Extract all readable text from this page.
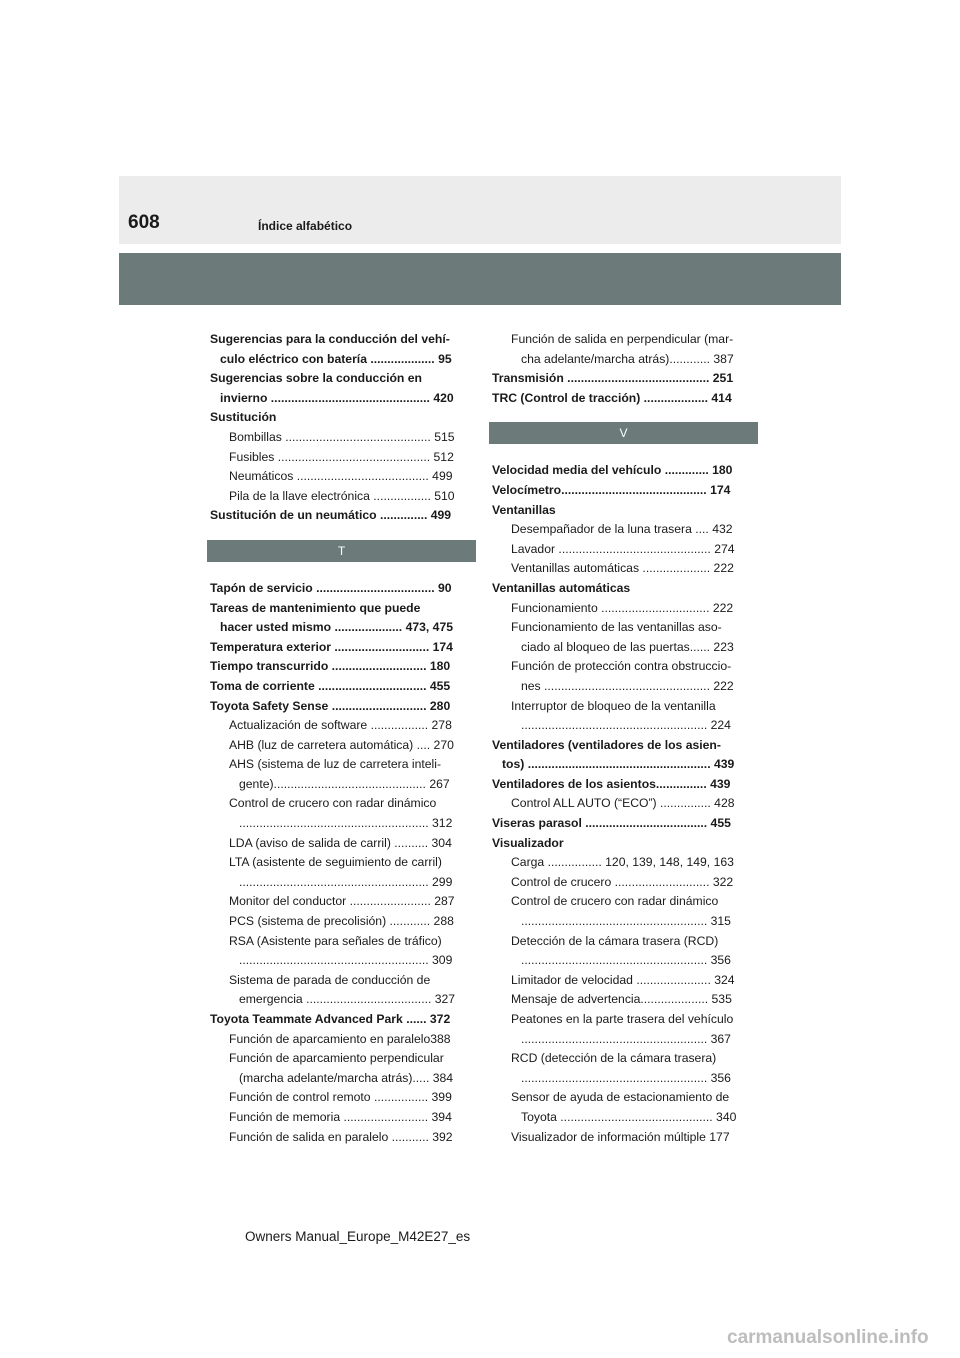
608	Índice alfabético
Sugerencias para la conducción del vehí-
culo eléctrico con batería ................... 95
Sugerencias sobre la conducción en
invierno ............................................... 420
Sustitución
Bombillas ........................................... 515
Fusibles ............................................. 512
Neumáticos ....................................... 499
Pila de la llave electrónica ................. 510
Sustitución de un neumático .............. 499
T
Tapón de servicio ................................... 90
Tareas de mantenimiento que puede
hacer usted mismo .................... 473, 475
Temperatura exterior ............................ 174
Tiempo transcurrido ............................ 180
Toma de corriente ................................ 455
Toyota Safety Sense ............................ 280
Actualización de software ................. 278
AHB (luz de carretera automática) .... 270
AHS (sistema de luz de carretera inteli-
gente)............................................. 267
Control de crucero con radar dinámico
........................................................ 312
LDA (aviso de salida de carril) .......... 304
LTA (asistente de seguimiento de carril)
........................................................ 299
Monitor del conductor ........................ 287
PCS (sistema de precolisión) ............ 288
RSA (Asistente para señales de tráfico)
........................................................ 309
Sistema de parada de conducción de
emergencia ..................................... 327
Toyota Teammate Advanced Park ...... 372
Función de aparcamiento en paralelo388
Función de aparcamiento perpendicular
(marcha adelante/marcha atrás)..... 384
Función de control remoto ................ 399
Función de memoria ......................... 394
Función de salida en paralelo ........... 392
Función de salida en perpendicular (mar-
cha adelante/marcha atrás)............ 387
Transmisión .......................................... 251
TRC (Control de tracción) ................... 414
V
Velocidad media del vehículo ............. 180
Velocímetro........................................... 174
Ventanillas
Desempañador de la luna trasera .... 432
Lavador ............................................. 274
Ventanillas automáticas .................... 222
Ventanillas automáticas
Funcionamiento ................................ 222
Funcionamiento de las ventanillas aso-
ciado al bloqueo de las puertas...... 223
Función de protección contra obstruccio-
nes ................................................. 222
Interruptor de bloqueo de la ventanilla
....................................................... 224
Ventiladores (ventiladores de los asien-
tos) ...................................................... 439
Ventiladores de los asientos............... 439
Control ALL AUTO (“ECO”) ............... 428
Viseras parasol .................................... 455
Visualizador
Carga ................ 120, 139, 148, 149, 163
Control de crucero ............................ 322
Control de crucero con radar dinámico
....................................................... 315
Detección de la cámara trasera (RCD)
....................................................... 356
Limitador de velocidad ...................... 324
Mensaje de advertencia.................... 535
Peatones en la parte trasera del vehículo
....................................................... 367
RCD (detección de la cámara trasera)
....................................................... 356
Sensor de ayuda de estacionamiento de
Toyota ............................................. 340
Visualizador de información múltiple 177
Owners Manual_Europe_M42E27_es
carmanualsonline.info
